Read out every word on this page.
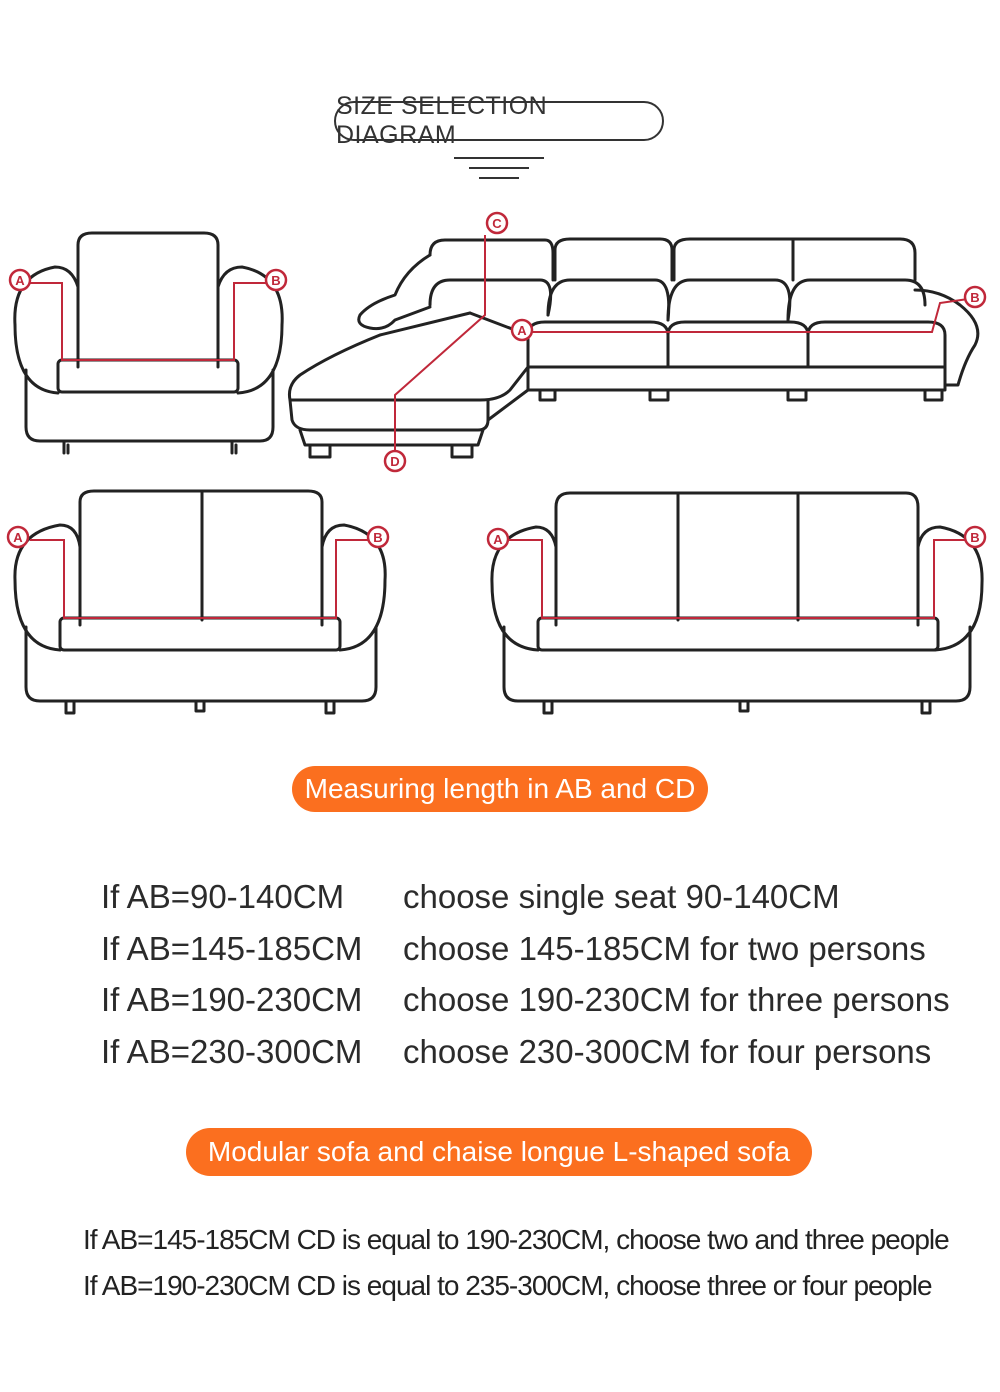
SIZE SELECTION DIAGRAM
A
A	A
A
B
B	B
B
C
D
Measuring length in AB and CD
If AB=90-140CM choose single seat 90-140CM
If AB=145-185CM choose 145-185CM for two persons
If AB=190-230CM choose 190-230CM for three persons
If AB=230-300CM choose 230-300CM for four persons
Modular sofa and chaise longue L-shaped sofa
If AB=145-185CM CD is equal to 190-230CM, choose two and three people
If AB=190-230CM CD is equal to 235-300CM, choose three or four people
